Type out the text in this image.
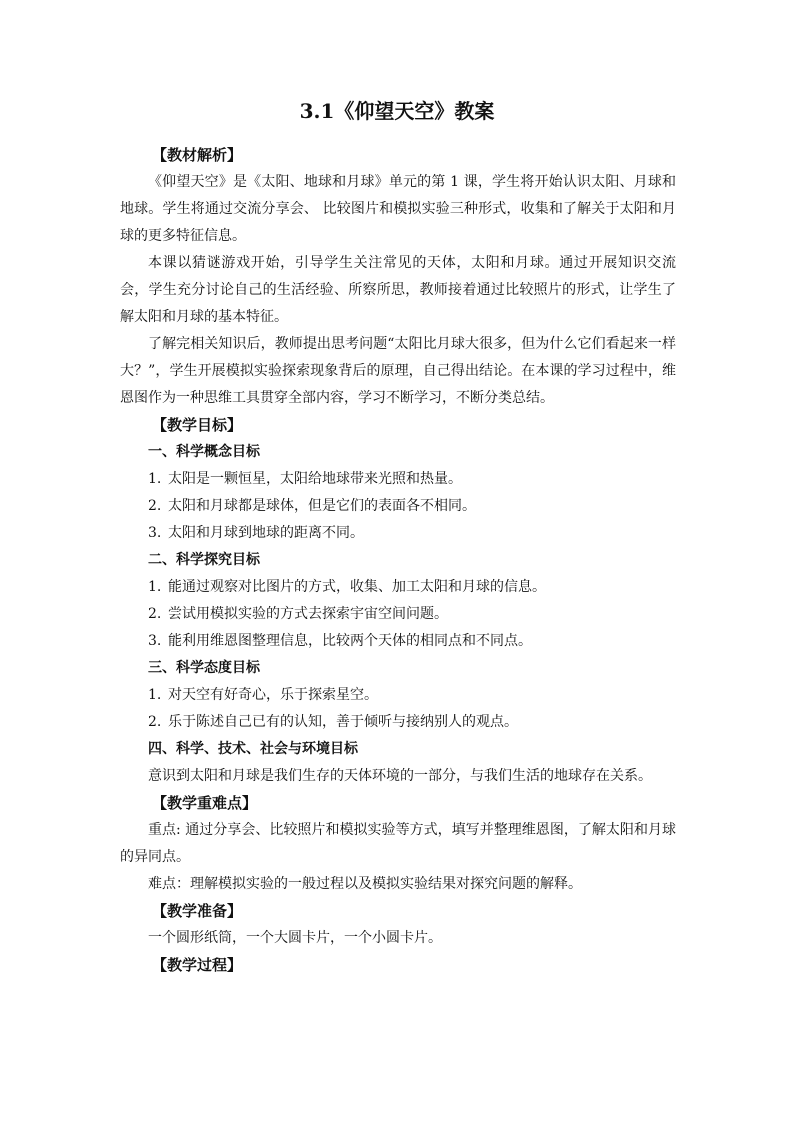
3.1《仰望天空》教案
【教材解析】
《仰望天空》是《太阳、地球和月球》单元的第 1 课，学生将开始认识太阳、月球和地球。学生将通过交流分享会、 比较图片和模拟实验三种形式，收集和了解关于太阳和月球的更多特征信息。
本课以猜谜游戏开始，引导学生关注常见的天体，太阳和月球。通过开展知识交流会，学生充分讨论自己的生活经验、所察所思，教师接着通过比较照片的形式，让学生了解太阳和月球的基本特征。
了解完相关知识后，教师提出思考问题“太阳比月球大很多，但为什么它们看起来一样大？”，学生开展模拟实验探索现象背后的原理，自己得出结论。在本课的学习过程中，维恩图作为一种思维工具贯穿全部内容，学习不断学习，不断分类总结。
【教学目标】
一、科学概念目标
1. 太阳是一颗恒星，太阳给地球带来光照和热量。
2. 太阳和月球都是球体，但是它们的表面各不相同。
3. 太阳和月球到地球的距离不同。
二、科学探究目标
1. 能通过观察对比图片的方式，收集、加工太阳和月球的信息。
2. 尝试用模拟实验的方式去探索宇宙空间问题。
3. 能利用维恩图整理信息，比较两个天体的相同点和不同点。
三、科学态度目标
1. 对天空有好奇心，乐于探索星空。
2. 乐于陈述自己已有的认知，善于倾听与接纳别人的观点。
四、科学、技术、社会与环境目标
意识到太阳和月球是我们生存的天体环境的一部分，与我们生活的地球存在关系。
【教学重难点】
重点: 通过分享会、比较照片和模拟实验等方式，填写并整理维恩图，了解太阳和月球的异同点。
难点：理解模拟实验的一般过程以及模拟实验结果对探究问题的解释。
【教学准备】
一个圆形纸筒，一个大圆卡片，一个小圆卡片。
【教学过程】
